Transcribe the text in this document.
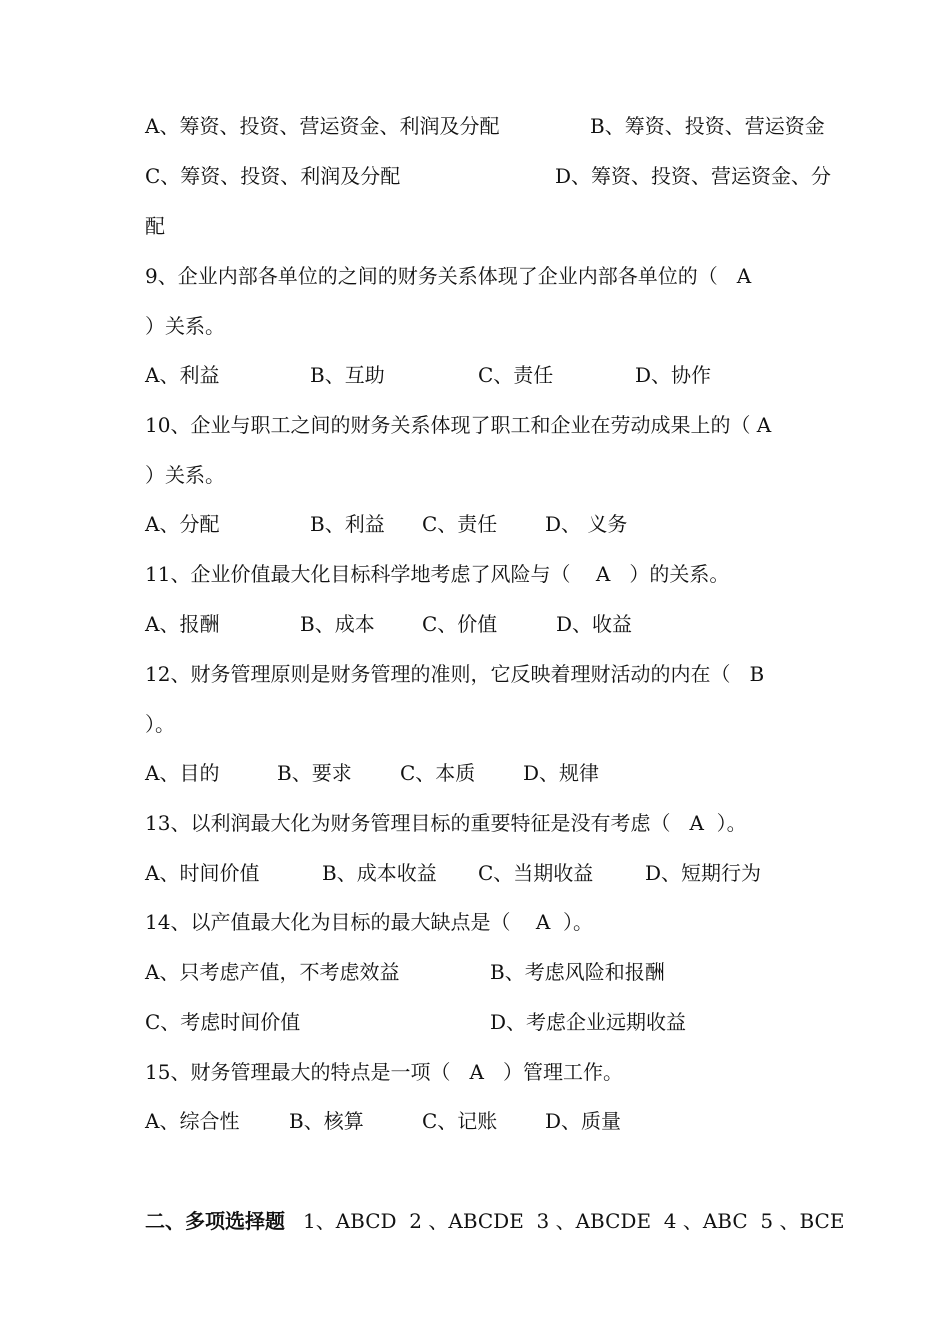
A、筹资、投资、营运资金、利润及分配

	B、筹资、投资、营运资金

C、筹资、投资、利润及分配

	D、筹资、投资、营运资金、分

配
9、企业内部各单位的之间的财务关系体现了企业内部各单位的（   A
）关系。

A、利益

	B、互助

	C、责任

	D、协作

10、企业与职工之间的财务关系体现了职工和企业在劳动成果上的（ A
）关系。

A、分配

	B、利益

C、责任

D、 义务

11、企业价值最大化目标科学地考虑了风险与（    A   ）的关系。

A、报酬

	B、成本

C、价值

	D、收益

12、财务管理原则是财务管理的准则，它反映着理财活动的内在（   B
）。

A、目的

	B、要求

C、本质

D、规律

13、以利润最大化为财务管理目标的重要特征是没有考虑（   A  ）。

A、时间价值

	B、成本收益

C、当期收益

	D、短期行为

14、以产值最大化为目标的最大缺点是（    A  ）。

A、只考虑产值，不考虑效益

	B、考虑风险和报酬

C、考虑时间价值

	D、考虑企业远期收益

15、财务管理最大的特点是一项（   A   ）管理工作。

A、综合性

B、核算

	C、记账

D、质量

二、多项选择题

1、ABCD  2 、ABCDE  3 、ABCDE  4 、ABC  5 、BCE
